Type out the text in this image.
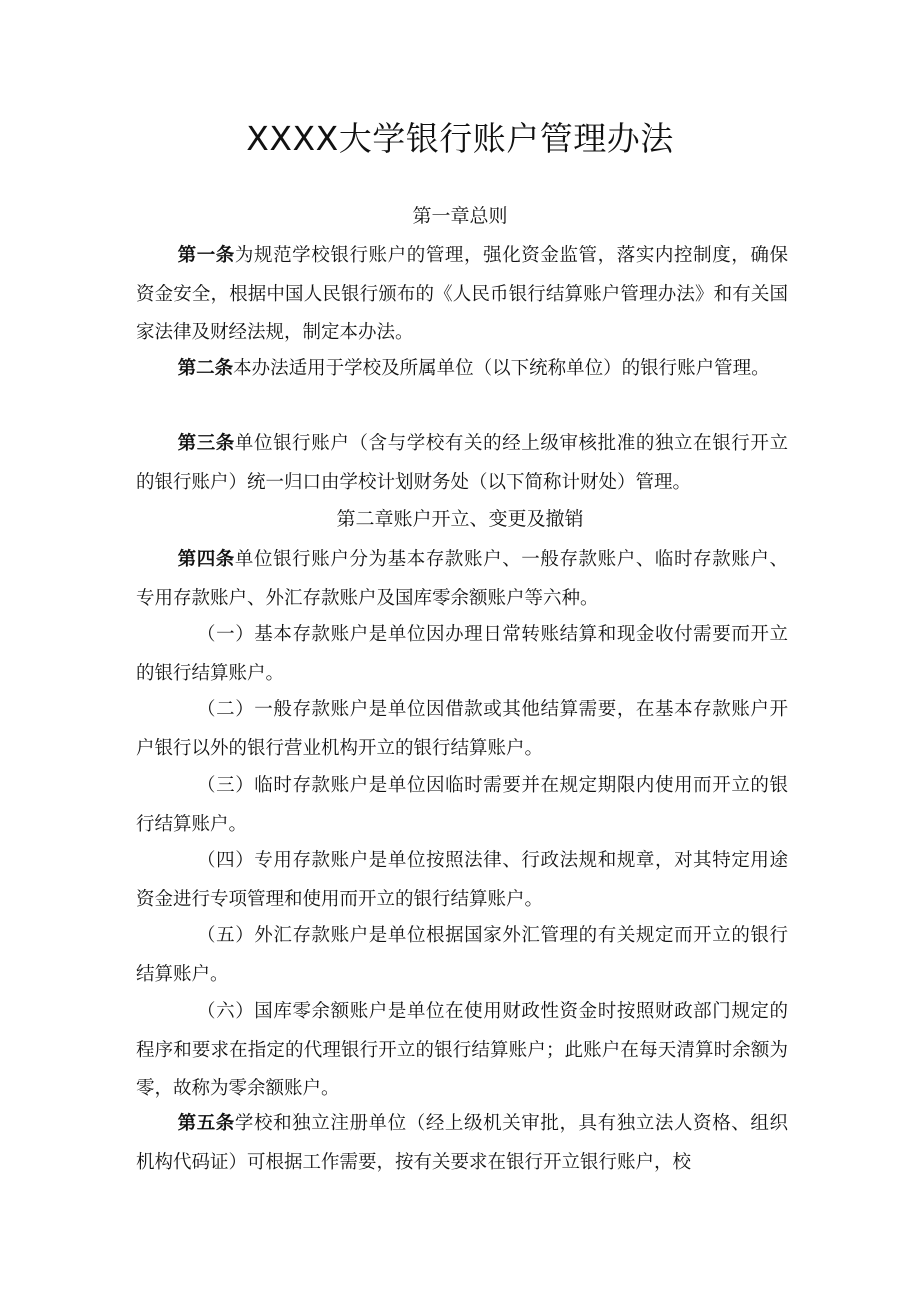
XXXX大学银行账户管理办法
第一章总则

第一条为规范学校银行账户的管理，强化资金监管，落实内控制度，确保资金安全，根据中国人民银行颁布的《人民币银行结算账户管理办法》和有关国家法律及财经法规，制定本办法。

第二条本办法适用于学校及所属单位（以下统称单位）的银行账户管理。

第三条单位银行账户（含与学校有关的经上级审核批准的独立在银行开立的银行账户）统一归口由学校计划财务处（以下简称计财处）管理。

第二章账户开立、变更及撤销

第四条单位银行账户分为基本存款账户、一般存款账户、临时存款账户、专用存款账户、外汇存款账户及国库零余额账户等六种。

（一）基本存款账户是单位因办理日常转账结算和现金收付需要而开立的银行结算账户。

（二）一般存款账户是单位因借款或其他结算需要，在基本存款账户开户银行以外的银行营业机构开立的银行结算账户。

（三）临时存款账户是单位因临时需要并在规定期限内使用而开立的银行结算账户。

（四）专用存款账户是单位按照法律、行政法规和规章，对其特定用途资金进行专项管理和使用而开立的银行结算账户。

（五）外汇存款账户是单位根据国家外汇管理的有关规定而开立的银行结算账户。

（六）国库零余额账户是单位在使用财政性资金时按照财政部门规定的程序和要求在指定的代理银行开立的银行结算账户；此账户在每天清算时余额为零，故称为零余额账户。

第五条学校和独立注册单位（经上级机关审批，具有独立法人资格、组织机构代码证）可根据工作需要，按有关要求在银行开立银行账户，校
